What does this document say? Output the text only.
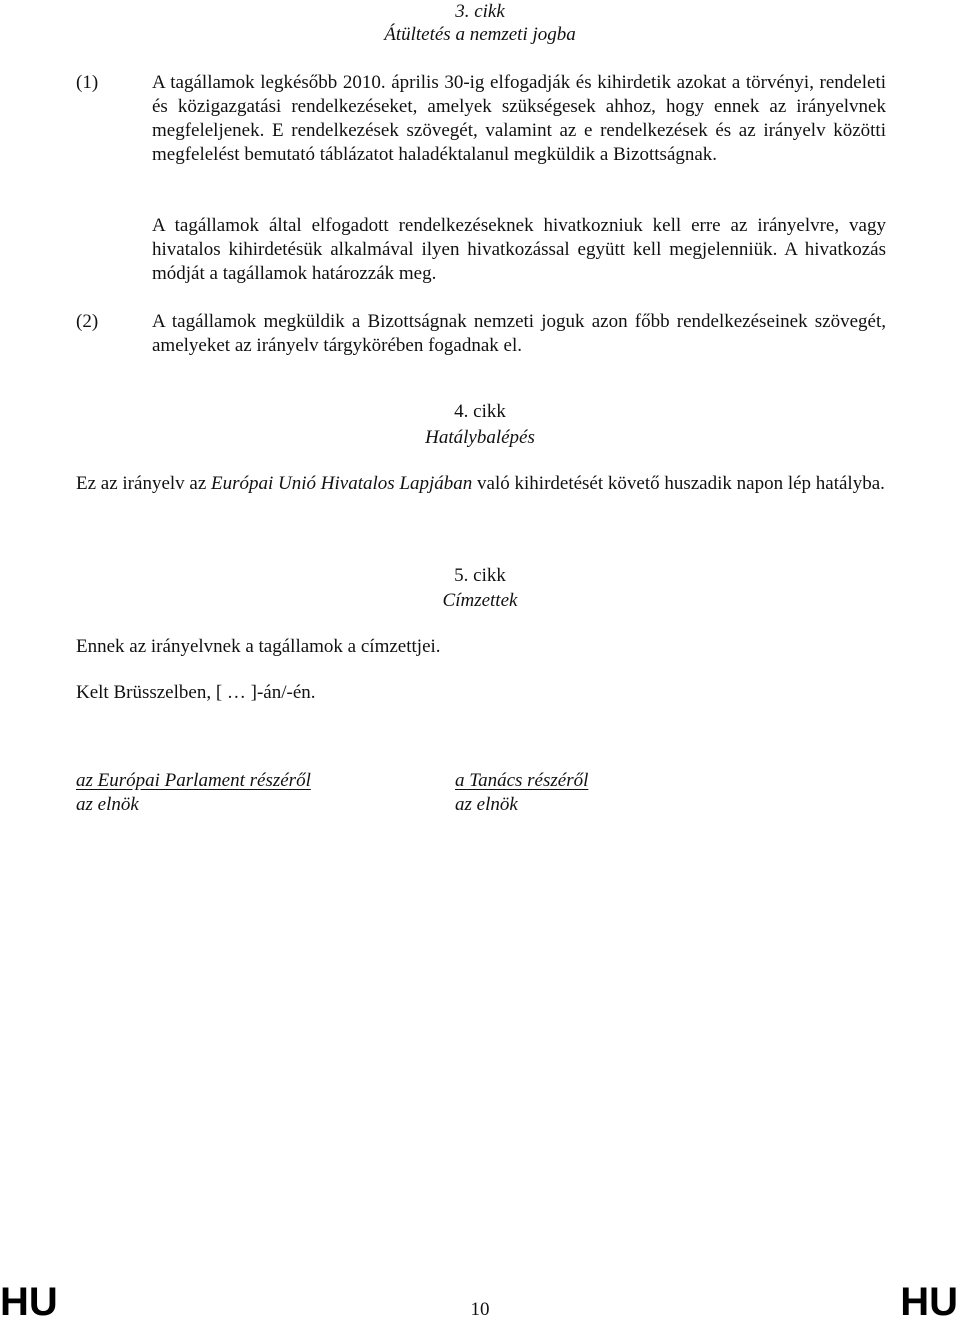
3. cikk
Átültetés a nemzeti jogba
(1)	A tagállamok legkésőbb 2010. április 30-ig elfogadják és kihirdetik azokat a törvényi, rendeleti és közigazgatási rendelkezéseket, amelyek szükségesek ahhoz, hogy ennek az irányelvnek megfeleljenek. E rendelkezések szövegét, valamint az e rendelkezések és az irányelv közötti megfelelést bemutató táblázatot haladéktalanul megküldik a Bizottságnak.
A tagállamok által elfogadott rendelkezéseknek hivatkozniuk kell erre az irányelvre, vagy hivatalos kihirdetésük alkalmával ilyen hivatkozással együtt kell megjelenniük. A hivatkozás módját a tagállamok határozzák meg.
(2)	A tagállamok megküldik a Bizottságnak nemzeti joguk azon főbb rendelkezéseinek szövegét, amelyeket az irányelv tárgykörében fogadnak el.
4. cikk
Hatálybalépés
Ez az irányelv az Európai Unió Hivatalos Lapjában való kihirdetését követő huszadik napon lép hatályba.
5. cikk
Címzettek
Ennek az irányelvnek a tagállamok a címzettjei.
Kelt Brüsszelben, [ … ]-án/-én.
az Európai Parlament részéről
az elnök
a Tanács részéről
az elnök
HU	10	HU
